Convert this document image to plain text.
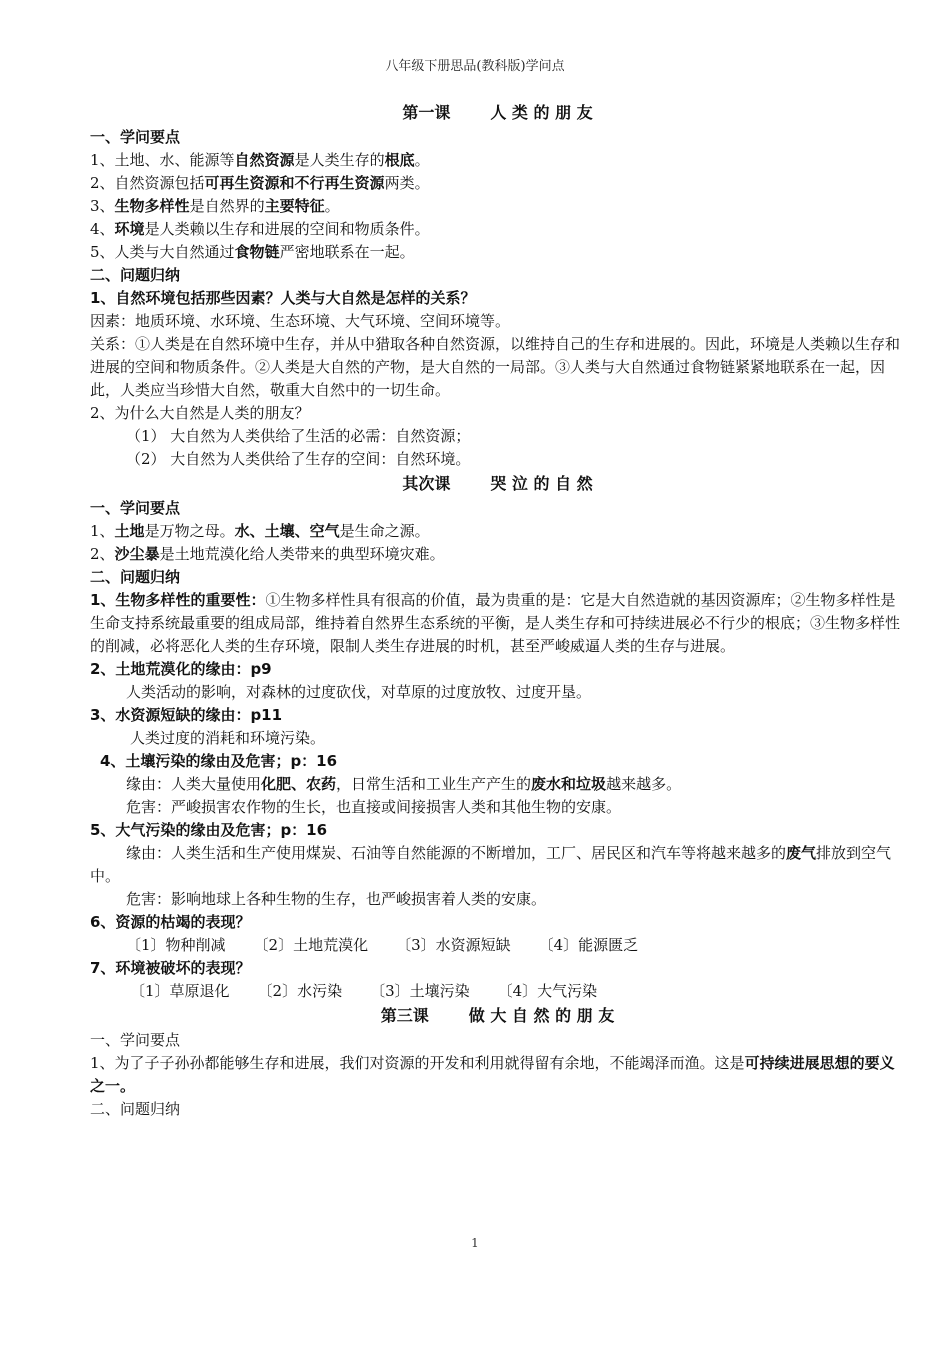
八年级下册思品(教科版)学问点
第一课	人 类 的 朋 友

一、学问要点

1、土地、水、能源等自然资源是人类生存的根底。

2、自然资源包括可再生资源和不行再生资源两类。

3、生物多样性是自然界的主要特征。

4、环境是人类赖以生存和进展的空间和物质条件。

5、人类与大自然通过食物链严密地联系在一起。

二、问题归纳

1、自然环境包括那些因素？人类与大自然是怎样的关系？

因素：地质环境、水环境、生态环境、大气环境、空间环境等。

关系：①人类是在自然环境中生存，并从中猎取各种自然资源，以维持自己的生存和进展的。因此，环境是人类赖以生存和进展的空间和物质条件。②人类是大自然的产物，是大自然的一局部。③人类与大自然通过食物链紧紧地联系在一起，因此，人类应当珍惜大自然，敬重大自然中的一切生命。

2、为什么大自然是人类的朋友？

（1） 大自然为人类供给了生活的必需：自然资源；

（2） 大自然为人类供给了生存的空间：自然环境。

其次课	哭 泣 的 自 然

一、学问要点

1、土地是万物之母。水、土壤、空气是生命之源。

2、沙尘暴是土地荒漠化给人类带来的典型环境灾难。

二、问题归纳

1、生物多样性的重要性：①生物多样性具有很高的价值，最为贵重的是：它是大自然造就的基因资源库；②生物多样性是生命支持系统最重要的组成局部，维持着自然界生态系统的平衡，是人类生存和可持续进展必不行少的根底；③生物多样性的削减，必将恶化人类的生存环境，限制人类生存进展的时机，甚至严峻威逼人类的生存与进展。

2、土地荒漠化的缘由：p9

人类活动的影响，对森林的过度砍伐，对草原的过度放牧、过度开垦。

3、水资源短缺的缘由：p11

人类过度的消耗和环境污染。

4、土壤污染的缘由及危害；p：16

缘由：人类大量使用化肥、农药，日常生活和工业生产产生的废水和垃圾越来越多。

危害：严峻损害农作物的生长，也直接或间接损害人类和其他生物的安康。

5、大气污染的缘由及危害；p：16

缘由：人类生活和生产使用煤炭、石油等自然能源的不断增加，工厂、居民区和汽车等将越来越多的废气排放到空气中。

危害：影响地球上各种生物的生存，也严峻损害着人类的安康。

6、资源的枯竭的表现？

〔1〕物种削减 〔2〕土地荒漠化 〔3〕水资源短缺 〔4〕能源匮乏

7、环境被破坏的表现？

〔1〕草原退化 〔2〕水污染 〔3〕土壤污染 〔4〕大气污染

第三课	做 大 自 然 的 朋 友

一、学问要点

1、为了子子孙孙都能够生存和进展，我们对资源的开发和利用就得留有余地，不能竭泽而渔。这是可持续进展思想的要义之一。

二、问题归纳

1
